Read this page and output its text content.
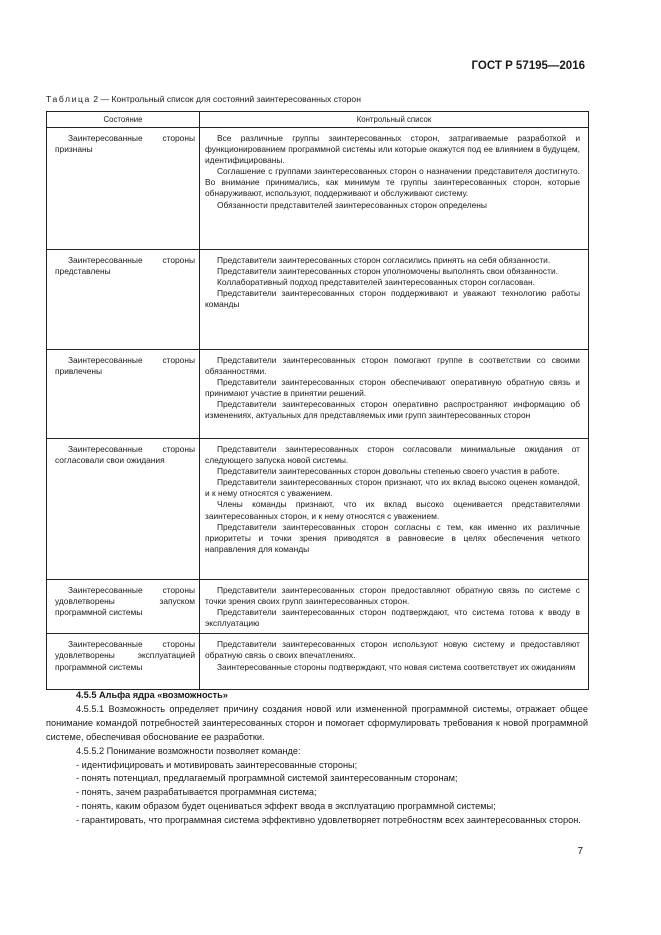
ГОСТ Р 57195—2016
Таблица 2 — Контрольный список для состояний заинтересованных сторон
Состояние	Контрольный список

Заинтересованные стороны признаны	Все различные группы заинтересованных сторон, затрагиваемые разработкой и функционированием программной системы или которые окажутся под ее влиянием в будущем, идентифицированы.

Соглашение с группами заинтересованных сторон о назначении представителя достигнуто. Во внимание принимались, как минимум те группы заинтересованных сторон, которые обнаруживают, используют, поддерживают и обслуживают систему.

Обязанности представителей заинтересованных сторон определены

Заинтересованные стороны представлены	Представители заинтересованных сторон согласились принять на себя обязанности.

Представители заинтересованных сторон уполномочены выполнять свои обязанности.

Коллаборативный подход представителей заинтересованных сторон согласован.

Представители заинтересованных сторон поддерживают и уважают технологию работы команды

Заинтересованные стороны привлечены	Представители заинтересованных сторон помогают группе в соответствии со своими обязанностями.

Представители заинтересованных сторон обеспечивают оперативную обратную связь и принимают участие в принятии решений.

Представители заинтересованных сторон оперативно распространяют информацию об изменениях, актуальных для представляемых ими групп заинтересованных сторон

Заинтересованные стороны согласовали свои ожидания	Представители заинтересованных сторон согласовали минимальные ожидания от следующего запуска новой системы.

Представители заинтересованных сторон довольны степенью своего участия в работе.

Представители заинтересованных сторон признают, что их вклад высоко оценен командой, и к нему относятся с уважением.

Члены команды признают, что их вклад высоко оценивается представителями заинтересованных сторон, и к нему относятся с уважением.

Представители заинтересованных сторон согласны с тем, как именно их различные приоритеты и точки зрения приводятся в равновесие в целях обеспечения четкого направления для команды

Заинтересованные стороны удовлетворены запуском программной системы	Представители заинтересованных сторон предоставляют обратную связь по системе с точки зрения своих групп заинтересованных сторон.

Представители заинтересованных сторон подтверждают, что система готова к вводу в эксплуатацию

Заинтересованные стороны удовлетворены эксплуатацией программной системы	Представители заинтересованных сторон используют новую систему и предоставляют обратную связь о своих впечатлениях.

Заинтересованные стороны подтверждают, что новая система соответствует их ожиданиям

4.5.5 Альфа ядра «возможность»

4.5.5.1 Возможность определяет причину создания новой или измененной программной системы, отражает общее понимание командой потребностей заинтересованных сторон и помогает сформулировать требования к новой программной системе, обеспечивая обоснование ее разработки.

4.5.5.2 Понимание возможности позволяет команде:

- идентифицировать и мотивировать заинтересованные стороны;

- понять потенциал, предлагаемый программной системой заинтересованным сторонам;

- понять, зачем разрабатывается программная система;

- понять, каким образом будет оцениваться эффект ввода в эксплуатацию программной системы;

- гарантировать, что программная система эффективно удовлетворяет потребностям всех заинтересованных сторон.

7
